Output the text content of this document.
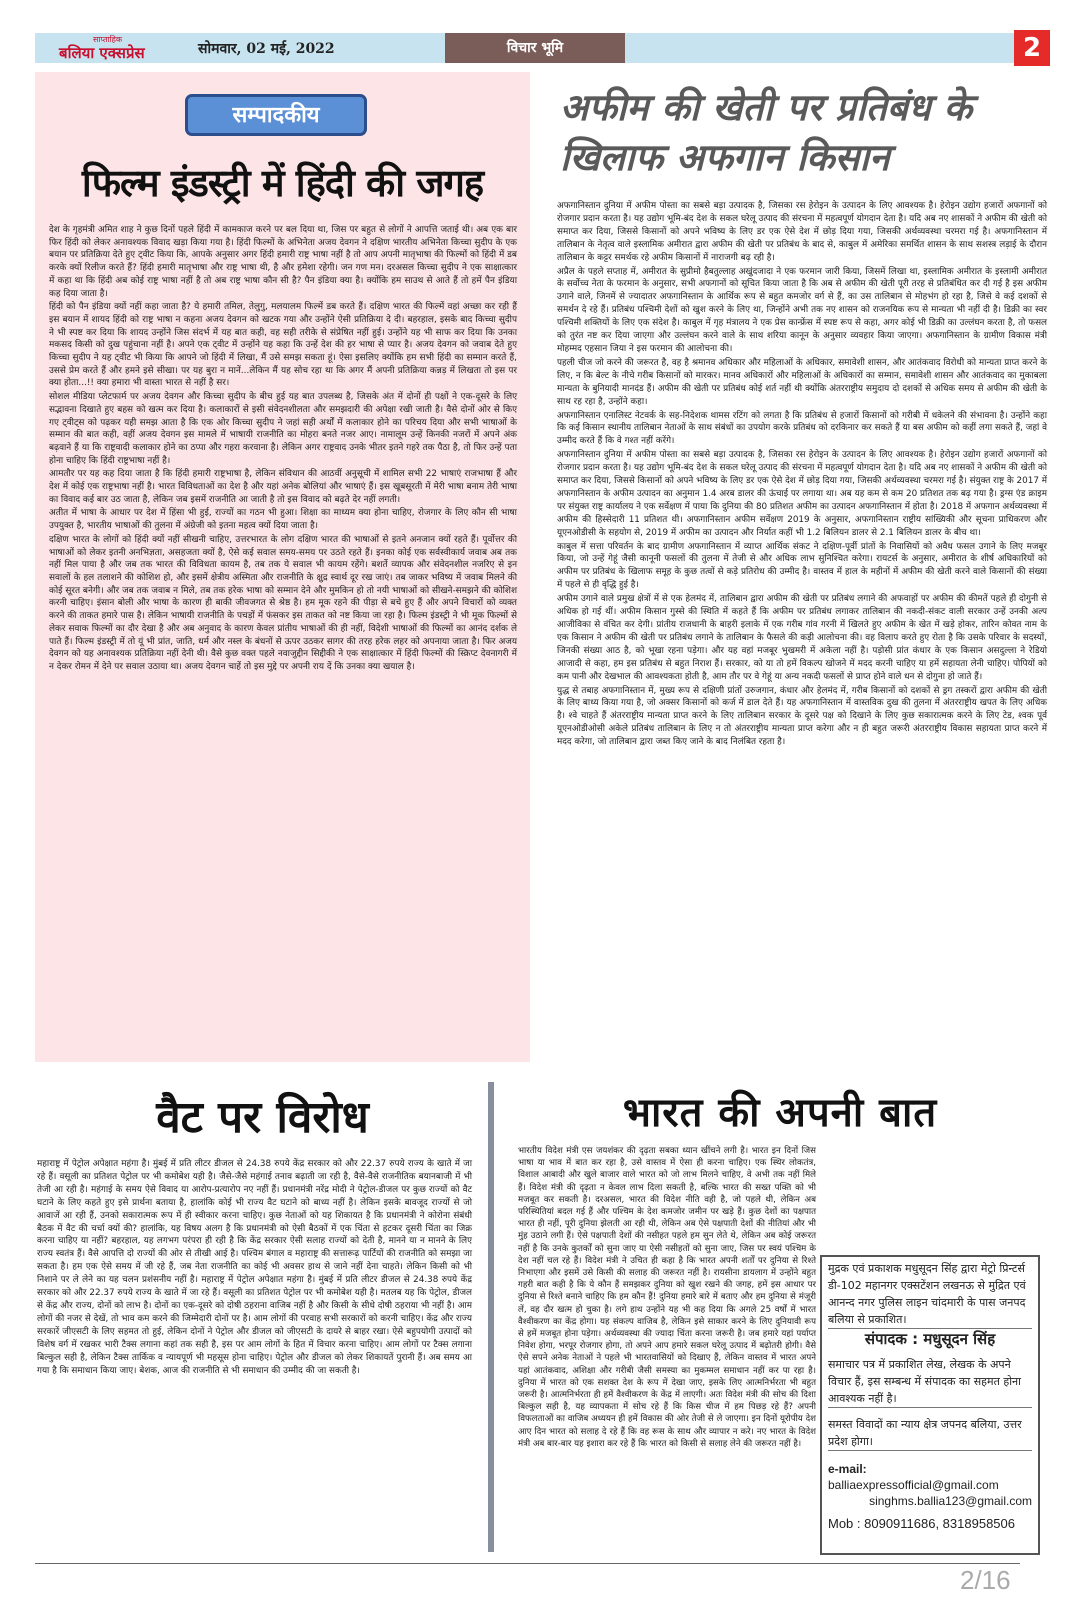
साप्ताहिक
बलिया एक्सप्रेस	सोमवार, 02 मई, 2022	विचार भूमि	2
सम्पादकीय
फिल्म इंडस्ट्री में हिंदी की जगह

देश के गृहमंत्री अमित शाह ने कुछ दिनों पहले हिंदी में कामकाज करने पर बल दिया था, जिस पर बहुत से लोगों ने आपत्ति जताई थी। अब एक बार फिर हिंदी को लेकर अनावश्यक विवाद खड़ा किया गया है। हिंदी फिल्मों के अभिनेता अजय देवगन ने दक्षिण भारतीय अभिनेता किच्चा सुदीप के एक बयान पर प्रतिक्रिया देते हुए ट्वीट किया कि, आपके अनुसार अगर हिंदी हमारी राष्ट्र भाषा नहीं है तो आप अपनी मातृभाषा की फिल्मों को हिंदी में डब करके क्यों रिलीज करते हैं? हिंदी हमारी मातृभाषा और राष्ट्र भाषा थी, है और हमेशा रहेगी। जन गण मन। दरअसल किच्चा सुदीप ने एक साक्षात्कार में कहा था कि हिंदी अब कोई राष्ट्र भाषा नहीं है तो अब राष्ट्र भाषा कौन सी है? पैन इंडिया क्या है। क्योंकि हम साउथ से आते हैं तो हमें पैन इंडिया कह दिया जाता है।

हिंदी को पैन इंडिया क्यों नहीं कहा जाता है? ये हमारी तमिल, तेलुगु, मलयालम फिल्में डब करते हैं। दक्षिण भारत की फिल्में वहां अच्छा कर रही हैं इस बयान में शायद हिंदी को राष्ट्र भाषा न कहना अजय देवगन को खटक गया और उन्होंने ऐसी प्रतिक्रिया दे दी। बहरहाल, इसके बाद किच्चा सुदीप ने भी स्पष्ट कर दिया कि शायद उन्होंने जिस संदर्भ में यह बात कही, वह सही तरीके से संप्रेषित नहीं हुई। उन्होंने यह भी साफ कर दिया कि उनका मकसद किसी को दुख पहुंचाना नहीं है। अपने एक ट्वीट में उन्होंने यह कहा कि उन्हें देश की हर भाषा से प्यार है। अजय देवगन को जवाब देते हुए किच्चा सुदीप ने यह ट्वीट भी किया कि आपने जो हिंदी में लिखा, मैं उसे समझ सकता हूं। ऐसा इसलिए क्योंकि हम सभी हिंदी का सम्मान करते हैं, उससे प्रेम करते हैं और हमने इसे सीखा। पर यह बुरा न मानें...लेकिन मैं यह सोच रहा था कि अगर मैं अपनी प्रतिक्रिया कन्नड़ में लिखता तो इस पर क्या होता...!! क्या हमारा भी वास्ता भारत से नहीं है सर।

सोशल मीडिया प्लेटफार्म पर अजय देवगन और किच्चा सुदीप के बीच हुई यह बात उपलब्ध है, जिसके अंत में दोनों ही पक्षों ने एक-दूसरे के लिए सद्भावना दिखाते हुए बहस को खत्म कर दिया है। कलाकारों से इसी संवेदनशीलता और समझदारी की अपेक्षा रखी जाती है। वैसे दोनों ओर से किए गए ट्वीट्स को पढ़कर यही समझ आता है कि एक ओर किच्चा सुदीप ने जहां सही अर्थों में कलाकार होने का परिचय दिया और सभी भाषाओं के सम्मान की बात कही, वहीं अजय देवगन इस मामले में भाषायी राजनीति का मोहरा बनते नजर आए। नामालूम उन्हें किनकी नजरों में अपने अंक बढ़वाने हैं या कि राष्ट्रवादी कलाकार होने का ठप्पा और गहरा करवाना है। लेकिन अगर राष्ट्रवाद उनके भीतर इतने गहरे तक पैठा है, तो फिर उन्हें पता होना चाहिए कि हिंदी राष्ट्रभाषा नहीं है।

आमतौर पर यह कह दिया जाता है कि हिंदी हमारी राष्ट्रभाषा है, लेकिन संविधान की आठवीं अनुसूची में शामिल सभी 22 भाषाएं राजभाषा हैं और देश में कोई एक राष्ट्रभाषा नहीं है। भारत विविधताओं का देश है और यहां अनेक बोलियां और भाषाएं हैं। इस खूबसूरती में मेरी भाषा बनाम तेरी भाषा का विवाद कई बार उठ जाता है, लेकिन जब इसमें राजनीति आ जाती है तो इस विवाद को बढ़ते देर नहीं लगती।

अतीत में भाषा के आधार पर देश में हिंसा भी हुई, राज्यों का गठन भी हुआ। शिक्षा का माध्यम क्या होना चाहिए, रोजगार के लिए कौन सी भाषा उपयुक्त है, भारतीय भाषाओं की तुलना में अंग्रेजी को इतना महत्व क्यों दिया जाता है।

दक्षिण भारत के लोगों को हिंदी क्यों नहीं सीखनी चाहिए, उत्तरभारत के लोग दक्षिण भारत की भाषाओं से इतने अनजान क्यों रहते हैं। पूर्वोत्तर की भाषाओं को लेकर इतनी अनभिज्ञता, असहजता क्यों है, ऐसे कई सवाल समय-समय पर उठते रहते हैं। इनका कोई एक सर्वस्वीकार्य जवाब अब तक नहीं मिल पाया है और जब तक भारत की विविधता कायम है, तब तक ये सवाल भी कायम रहेंगे। बशर्ते व्यापक और संवेदनशील नजरिए से इन सवालों के हल तलाशने की कोशिश हो, और इसमें क्षेत्रीय अस्मिता और राजनीति के क्षुद्र स्वार्थ दूर रख जाएं। तब जाकर भविष्य में जवाब मिलने की कोई सूरत बनेगी। और जब तक जवाब न मिले, तब तक हरेक भाषा को सम्मान देने और मुमकिन हो तो नयी भाषाओं को सीखने-समझने की कोशिश करनी चाहिए। इंसान बोली और भाषा के कारण ही बाकी जीवजगत से श्रेष्ठ है। हम मूक रहने की पीड़ा से बचे हुए हैं और अपने विचारों को व्यक्त करने की ताकत हमारे पास है। लेकिन भाषायी राजनीति के पचड़ों में फंसकर इस ताकत को नष्ट किया जा रहा है। फिल्म इंडस्ट्री ने भी मूक फिल्मों से लेकर सवाक फिल्मों का दौर देखा है और अब अनुवाद के कारण केवल प्रांतीय भाषाओं की ही नहीं, विदेशी भाषाओं की फिल्मों का आनंद दर्शक ले पाते हैं। फिल्म इंडस्ट्री में तो यूं भी प्रांत, जाति, धर्म और नस्ल के बंधनों से ऊपर उठकर सागर की तरह हरेक लहर को अपनाया जाता है। फिर अजय देवगन को यह अनावश्यक प्रतिक्रिया नहीं देनी थी। वैसे कुछ वक्त पहले नवाजुद्दीन सिद्दीकी ने एक साक्षात्कार में हिंदी फिल्मों की स्क्रिप्ट देवनागरी में न देकर रोमन में देने पर सवाल उठाया था। अजय देवगन चाहें तो इस मुद्दे पर अपनी राय दें कि उनका क्या खयाल है।

अफीम की खेती पर प्रतिबंध के खिलाफ अफगान किसान

अफगानिस्तान दुनिया में अफीम पोस्ता का सबसे बड़ा उत्पादक है, जिसका रस हेरोइन के उत्पादन के लिए आवश्यक है। हेरोइन उद्योग हजारों अफगानों को रोजगार प्रदान करता है। यह उद्योग भूमि-बंद देश के सकल घरेलू उत्पाद की संरचना में महत्वपूर्ण योगदान देता है। यदि अब नए शासकों ने अफीम की खेती को समाप्त कर दिया, जिससे किसानों को अपने भविष्य के लिए डर एक ऐसे देश में छोड़ दिया गया, जिसकी अर्थव्यवस्था चरमरा गई है। अफगानिस्तान में तालिबान के नेतृत्व वाले इस्लामिक अमीरात द्वारा अफीम की खेती पर प्रतिबंध के बाद से, काबुल में अमेरिका समर्थित शासन के साथ सशस्त्र लड़ाई के दौरान तालिबान के कट्टर समर्थक रहे अफीम किसानों में नाराजगी बढ़ रही है।

अप्रैल के पहले सप्ताह में, अमीरात के सुप्रीमो हैबतुल्लाह अखुंदजादा ने एक फरमान जारी किया, जिसमें लिखा था, इस्लामिक अमीरात के इस्लामी अमीरात के सर्वोच्च नेता के फरमान के अनुसार, सभी अफगानों को सूचित किया जाता है कि अब से अफीम की खेती पूरी तरह से प्रतिबंधित कर दी गई है इस अफीम उगाने वाले, जिनमें से ज्यादातर अफगानिस्तान के आर्थिक रूप से बहुत कमजोर वर्ग से हैं, का उस तालिबान से मोहभंग हो रहा है, जिसे वे कई दशकों से समर्थन दे रहे हैं। प्रतिबंध पश्चिमी देशों को खुश करने के लिए था, जिन्होंने अभी तक नए शासन को राजनयिक रूप से मान्यता भी नहीं दी है। डिक्री का स्वर पश्चिमी शक्तियों के लिए एक संदेश है। काबुल में गृह मंत्रालय ने एक प्रेस कान्फ्रेंस में स्पष्ट रूप से कहा, अगर कोई भी डिक्री का उल्लंघन करता है, तो फसल को तुरंत नष्ट कर दिया जाएगा और उल्लंघन करने वाले के साथ शरिया कानून के अनुसार व्यवहार किया जाएगा। अफगानिस्तान के ग्रामीण विकास मंत्री मोहम्मद एहसान जिया ने इस फरमान की आलोचना की।

पहली चीज जो करने की जरूरत है, वह है श्रमानव अधिकार और महिलाओं के अधिकार, समावेशी शासन, और आतंकवाद विरोधी को मान्यता प्राप्त करने के लिए, न कि बेल्ट के नीचे गरीब किसानों को मारकर। मानव अधिकारों और महिलाओं के अधिकारों का सम्मान, समावेशी शासन और आतंकवाद का मुकाबला मान्यता के बुनियादी मानदंड हैं। अफीम की खेती पर प्रतिबंध कोई शर्त नहीं थी क्योंकि अंतरराष्ट्रीय समुदाय दो दशकों से अधिक समय से अफीम की खेती के साथ रह रहा है, उन्होंने कहा।

अफगानिस्तान एनालिस्ट नेटवर्क के सह-निदेशक थामस रटिंग को लगता है कि प्रतिबंध से हजारों किसानों को गरीबी में धकेलने की संभावना है। उन्होंने कहा कि कई किसान स्थानीय तालिबान नेताओं के साथ संबंधों का उपयोग करके प्रतिबंध को दरकिनार कर सकते हैं या बस अफीम को कहीं लगा सकते हैं, जहां वे उम्मीद करते हैं कि वे गश्त नहीं करेंगे।

अफगानिस्तान दुनिया में अफीम पोस्ता का सबसे बड़ा उत्पादक है, जिसका रस हेरोइन के उत्पादन के लिए आवश्यक है। हेरोइन उद्योग हजारों अफगानों को रोजगार प्रदान करता है। यह उद्योग भूमि-बंद देश के सकल घरेलू उत्पाद की संरचना में महत्वपूर्ण योगदान देता है। यदि अब नए शासकों ने अफीम की खेती को समाप्त कर दिया, जिससे किसानों को अपने भविष्य के लिए डर एक ऐसे देश में छोड़ दिया गया, जिसकी अर्थव्यवस्था चरमरा गई है। संयुक्त राष्ट्र के 2017 में अफगानिस्तान के अफीम उत्पादन का अनुमान 1.4 अरब डालर की ऊंचाई पर लगाया था। अब यह कम से कम 20 प्रतिशत तक बढ़ गया है। ड्रग्स एंड क्राइम पर संयुक्त राष्ट्र कार्यालय ने एक सर्वेक्षण में पाया कि दुनिया की 80 प्रतिशत अफीम का उत्पादन अफगानिस्तान में होता है। 2018 में अफगान अर्थव्यवस्था में अफीम की हिस्सेदारी 11 प्रतिशत थी। अफगानिस्तान अफीम सर्वेक्षण 2019 के अनुसार, अफगानिस्तान राष्ट्रीय सांख्यिकी और सूचना प्राधिकरण और यूएनओडीसी के सहयोग से, 2019 में अफीम का उत्पादन और निर्यात कहीं भी 1.2 बिलियन डालर से 2.1 बिलियन डालर के बीच था।

काबुल में सत्ता परिवर्तन के बाद ग्रामीण अफगानिस्तान में व्याप्त आर्थिक संकट ने दक्षिण-पूर्वी प्रांतों के निवासियों को अवैध फसल उगाने के लिए मजबूर किया, जो उन्हें गेहूं जैसी कानूनी फसलों की तुलना में तेजी से और अधिक लाभ सुनिश्चित करेगा। रायटर्स के अनुसार, अमीरात के शीर्ष अधिकारियों को अफीम पर प्रतिबंध के खिलाफ समूह के कुछ तत्वों से कड़े प्रतिरोध की उम्मीद है। वास्तव में हाल के महीनों में अफीम की खेती करने वाले किसानों की संख्या में पहले से ही वृद्धि हुई है।

अफीम उगाने वाले प्रमुख क्षेत्रों में से एक हेलमंद में, तालिबान द्वारा अफीम की खेती पर प्रतिबंध लगाने की अफवाहों पर अफीम की कीमतें पहले ही दोगुनी से अधिक हो गई थीं। अफीम किसान गुस्से की स्थिति में कहते हैं कि अफीम पर प्रतिबंध लगाकर तालिबान की नकदी-संकट वाली सरकार उन्हें उनकी अल्प आजीविका से वंचित कर देगी। प्रांतीय राजधानी के बाहरी इलाके में एक गरीब गांव गरनी में खिलते हुए अफीम के खेत में खड़े होकर, तारिन कोवत नाम के एक किसान ने अफीम की खेती पर प्रतिबंध लगाने के तालिबान के फैसले की कड़ी आलोचना की। वह विलाप करते हुए रोता है कि उसके परिवार के सदस्यों, जिनकी संख्या आठ है, को भूखा रहना पड़ेगा। और यह वहां मजबूर भुखमरी में अकेला नहीं है। पड़ोसी प्रांत कंधार के एक किसान असदुल्ला ने रेडियो आजादी से कहा, हम इस प्रतिबंध से बहुत निराश हैं। सरकार, को या तो हमें विकल्प खोजने में मदद करनी चाहिए या हमें सहायता लेनी चाहिए। पोपियों को कम पानी और देखभाल की आवश्यकता होती है, आम तौर पर वे गेहूं या अन्य नकदी फसलों से प्राप्त होने वाले धन से दोगुना हो जाते हैं।

युद्ध से तबाह अफगानिस्तान में, मुख्य रूप से दक्षिणी प्रांतों उरुजगान, कंधार और हेलमंद में, गरीब किसानों को दशकों से ड्रग तस्करों द्वारा अफीम की खेती के लिए बाध्य किया गया है, जो अक्सर किसानों को कर्ज में डाल देते हैं। यह अफगानिस्तान में वास्तविक दुख की तुलना में अंतरराष्ट्रीय खपत के लिए अधिक है। श्वे चाहते हैं अंतरराष्ट्रीय मान्यता प्राप्त करने के लिए तालिबान सरकार के दूसरे पक्ष को दिखाने के लिए कुछ सकारात्मक करने के लिए टेड, श्वक पूर्व यूएनओडीओसी अकेले प्रतिबंध तालिबान के लिए न तो अंतरराष्ट्रीय मान्यता प्राप्त करेगा और न ही बहुत जरूरी अंतरराष्ट्रीय विकास सहायता प्राप्त करने में मदद करेगा, जो तालिबान द्वारा जब्त किए जाने के बाद निलंबित रहता है।

वैट पर विरोध
महाराष्ट्र में पेट्रोल अपेक्षात महंगा है। मुंबई में प्रति लीटर डीजल से 24.38 रुपये केंद्र सरकार को और 22.37 रुपये राज्य के खाते में जा रहे हैं। वसूली का प्रतिशत पेट्रोल पर भी कमोबेश यही है। जैसे-जैसे महंगाई तनाव बढ़ाती जा रही है, वैसे-वैसे राजनीतिक बयानबाजी में भी तेजी आ रही है। महंगाई के समय ऐसे विवाद या आरोप-प्रत्यारोप नए नहीं हैं। प्रधानमंत्री नरेंद्र मोदी ने पेट्रोल-डीजल पर कुछ राज्यों को वैट घटाने के लिए कहते हुए इसे प्रार्थना बताया है, हालांकि कोई भी राज्य वैट घटाने को बाध्य नहीं है। लेकिन इसके बावजूद राज्यों से जो आवाजें आ रही हैं, उनको सकारात्मक रूप में ही स्वीकार करना चाहिए। कुछ नेताओं को यह शिकायत है कि प्रधानमंत्री ने कोरोना संबंधी बैठक में वैट की चर्चा क्यों की? हालांकि, यह विषय अलग है कि प्रधानमंत्री को ऐसी बैठकों में एक चिंता से हटकर दूसरी चिंता का जिक्र करना चाहिए या नहीं? बहरहाल, यह लगभग परंपरा ही रही है कि केंद्र सरकार ऐसी सलाह राज्यों को देती है, मानने या न मानने के लिए राज्य स्वतंत्र हैं। वैसे आपत्ति दो राज्यों की ओर से तीखी आई है। पश्चिम बंगाल व महाराष्ट्र की सत्तारूढ़ पार्टियों की राजनीति को समझा जा सकता है। हम एक ऐसे समय में जी रहे हैं, जब नेता राजनीति का कोई भी अवसर हाथ से जाने नहीं देना चाहते। लेकिन किसी को भी निशाने पर ले लेने का यह चलन प्रशंसनीय नहीं है। महाराष्ट्र में पेट्रोल अपेक्षात महंगा है। मुंबई में प्रति लीटर डीजल से 24.38 रुपये केंद्र सरकार को और 22.37 रुपये राज्य के खाते में जा रहे हैं। वसूली का प्रतिशत पेट्रोल पर भी कमोबेश यही है। मतलब यह कि पेट्रोल, डीजल से केंद्र और राज्य, दोनों को लाभ है। दोनों का एक-दूसरे को दोषी ठहराना वाजिब नहीं है और किसी के सीधे दोषी ठहराया भी नहीं है। आम लोगों की नजर से देखें, तो भाव कम करने की जिम्मेदारी दोनों पर है। आम लोगों की परवाह सभी सरकारों को करनी चाहिए। केंद्र और राज्य सरकारें जीएसटी के लिए सहमत तो हुई, लेकिन दोनों ने पेट्रोल और डीजल को जीएसटी के दायरे से बाहर रखा। ऐसे बहुपयोगी उत्पादों को विशेष वर्ग में रखकर भारी टैक्स लगाना कहां तक सही है, इस पर आम लोगों के हित में विचार करना चाहिए। आम लोगों पर टैक्स लगाना बिल्कुल सही है, लेकिन टैक्स तार्किक व न्यायपूर्ण भी महसूस होना चाहिए। पेट्रोल और डीजल को लेकर शिकायतें पुरानी हैं। अब समय आ गया है कि समाधान किया जाए। बेशक, आज की राजनीति से भी समाधान की उम्मीद की जा सकती है।
भारत की अपनी बात
भारतीय विदेश मंत्री एस जयशंकर की दृढ़ता सबका ध्यान खींचने लगी है। भारत इन दिनों जिस भाषा या भाव में बात कर रहा है, उसे वास्तव में ऐसा ही करना चाहिए। एक स्थिर लोकतंत्र, विशाल आबादी और खुले बाजार वाले भारत को जो लाभ मिलने चाहिए, वे अभी तक नहीं मिले हैं। विदेश मंत्री की दृढ़ता न केवल लाभ दिला सकती है, बल्कि भारत की सख्त पक्ति को भी मजबूत कर सकती है। दरअसल, भारत की विदेश नीति वही है, जो पहले थी, लेकिन अब परिस्थितियां बदल गई हैं और पश्चिम के देश कमजोर जमीन पर खड़े हैं। कुछ देशों का पक्षपात भारत ही नहीं, पूरी दुनिया झेलती आ रही थी, लेकिन अब ऐसे पक्षपाती देशों की नीतियां और भी मुंह उठाने लगी हैं। ऐसे पक्षपाती देशों की नसीहत पहले हम सुन लेते थे, लेकिन अब कोई जरूरत नहीं है कि उनके कुतर्कों को सुना जाए या ऐसी नसीहतों को सुना जाए, जिस पर स्वयं पश्चिम के देश नहीं चल रहे हैं। विदेश मंत्री ने उचित ही कहा है कि भारत अपनी शर्तों पर दुनिया से रिश्ते निभाएगा और इसमें उसे किसी की सलाह की जरूरत नहीं है। रायसीना डायलाग में उन्होंने बहुत गहरी बात कही है कि ये कौन हैं समझकर दुनिया को खुश रखने की जगह, हमें इस आधार पर दुनिया से रिश्ते बनाने चाहिए कि हम कौन हैं! दुनिया हमारे बारे में बताए और हम दुनिया से मंजूरी लें, वह दौर खत्म हो चुका है। लगे हाथ उन्होंने यह भी कह दिया कि अगले 25 वर्षों में भारत वैश्वीकरण का केंद्र होगा। यह संकल्प वाजिब है, लेकिन इसे साकार करने के लिए दुनियावी रूप से हमें मजबूत होना पड़ेगा। अर्थव्यवस्था की ज्यादा चिंता करना जरूरी है। जब हमारे यहां पर्याप्त निवेश होगा, भरपूर रोजगार होगा, तो अपने आप हमारे सकल घरेलू उत्पाद में बढ़ोतरी होगी। वैसे ऐसे सपने अनेक नेताओं ने पहले भी भारतवासियों को दिखाए हैं, लेकिन वास्तव में भारत अपने यहां आतंकवाद, अशिक्षा और गरीबी जैसी समस्या का मुकम्मल समाधान नहीं कर पा रहा है। दुनिया में भारत को एक सशक्त देश के रूप में देखा जाए, इसके लिए आत्मनिर्भरता भी बहुत जरूरी है। आत्मनिर्भरता ही हमें वैश्वीकरण के केंद्र में लाएगी। अतः विदेश मंत्री की सोच की दिशा बिल्कुल सही है, यह व्यापकता में सोच रहे हैं कि किस चीज में हम पिछड़ रहे हैं? अपनी विफलताओं का वाजिब अध्ययन ही हमें विकास की ओर तेजी से ले जाएगा। इन दिनों यूरोपीय देश आए दिन भारत को सलाह दे रहे हैं कि वह रूस के साथ और व्यापार न करे। नए भारत के विदेश मंत्री अब बार-बार यह इशारा कर रहे हैं कि भारत को किसी से सलाह लेने की जरूरत नहीं है।
मुद्रक एवं प्रकाशक मधुसूदन सिंह द्वारा मेट्रो प्रिन्टर्स डी-102 महानगर एक्सटेंशन लखनऊ से मुद्रित एवं आनन्द नगर पुलिस लाइन चांदमारी के पास जनपद बलिया से प्रकाशित।
संपादक : मधुसूदन सिंह
समाचार पत्र में प्रकाशित लेख, लेखक के अपने विचार हैं, इस सम्बन्ध में संपादक का सहमत होना आवश्यक नहीं है।
समस्त विवादों का न्याय क्षेत्र जपनद बलिया, उत्तर प्रदेश होगा।
e-mail: balliaexpressofficial@gmail.com
singhms.ballia123@gmail.com
Mob : 8090911686, 8318958506
2/16
